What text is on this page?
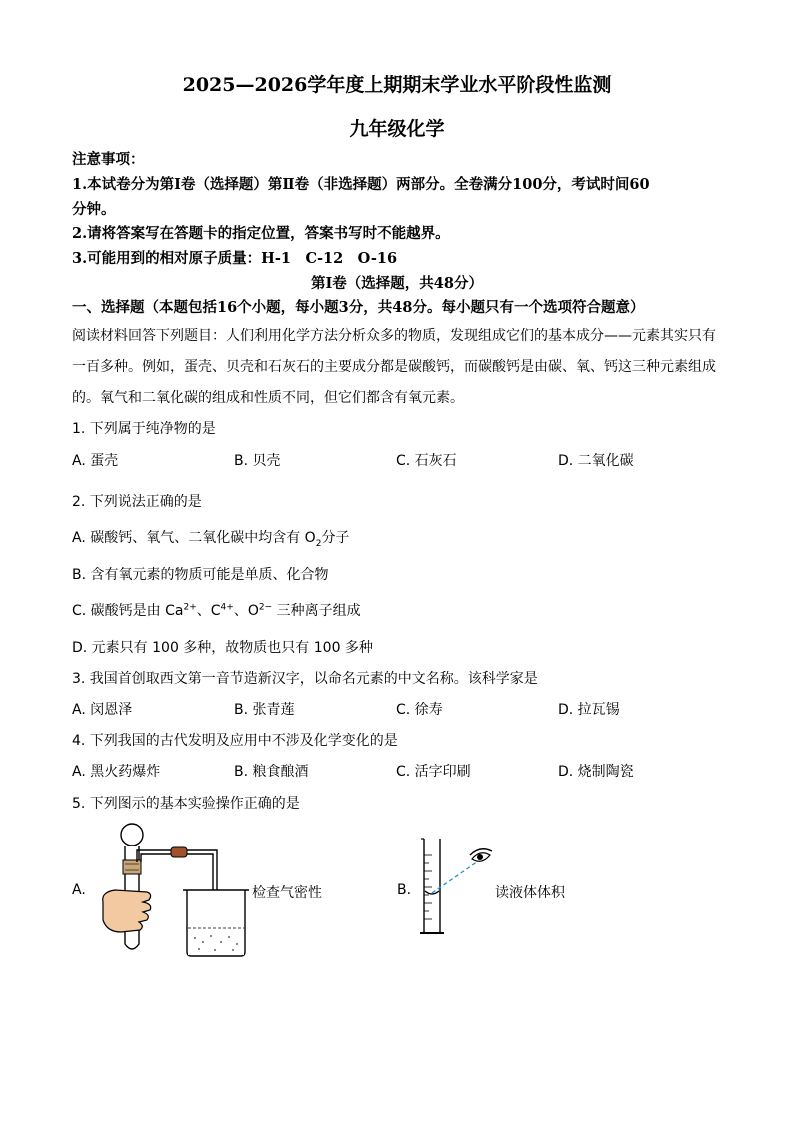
2025—2026学年度上期期末学业水平阶段性监测
九年级化学
注意事项：
1.本试卷分为第Ⅰ卷（选择题）第Ⅱ卷（非选择题）两部分。全卷满分100分，考试时间60
分钟。
2.请将答案写在答题卡的指定位置，答案书写时不能越界。
3.可能用到的相对原子质量：H-1　C-12　O-16
第Ⅰ卷（选择题，共48分）
一、选择题（本题包括16个小题，每小题3分，共48分。每小题只有一个选项符合题意）
阅读材料回答下列题目：人们利用化学方法分析众多的物质，发现组成它们的基本成分——元素其实只有
一百多种。例如，蛋壳、贝壳和石灰石的主要成分都是碳酸钙，而碳酸钙是由碳、氧、钙这三种元素组成
的。氧气和二氧化碳的组成和性质不同，但它们都含有氧元素。
1. 下列属于纯净物的是
A. 蛋壳	B. 贝壳	C. 石灰石	D. 二氧化碳
2. 下列说法正确的是
A. 碳酸钙、氧气、二氧化碳中均含有 $O_2$分子
B. 含有氧元素的物质可能是单质、化合物
C. 碳酸钙是由 $Ca^{2+}$、$C^{4+}$、$O^{2-}$ 三种离子组成
D. 元素只有 100 多种，故物质也只有 100 多种
3. 我国首创取西文第一音节造新汉字，以命名元素的中文名称。该科学家是
A. 闵恩泽	B. 张青莲	C. 徐寿	D. 拉瓦锡
4. 下列我国的古代发明及应用中不涉及化学变化的是
A. 黑火药爆炸	B. 粮食酿酒	C. 活字印刷	D. 烧制陶瓷
5. 下列图示的基本实验操作正确的是
A.	检查气密性	B.	读液体体积
